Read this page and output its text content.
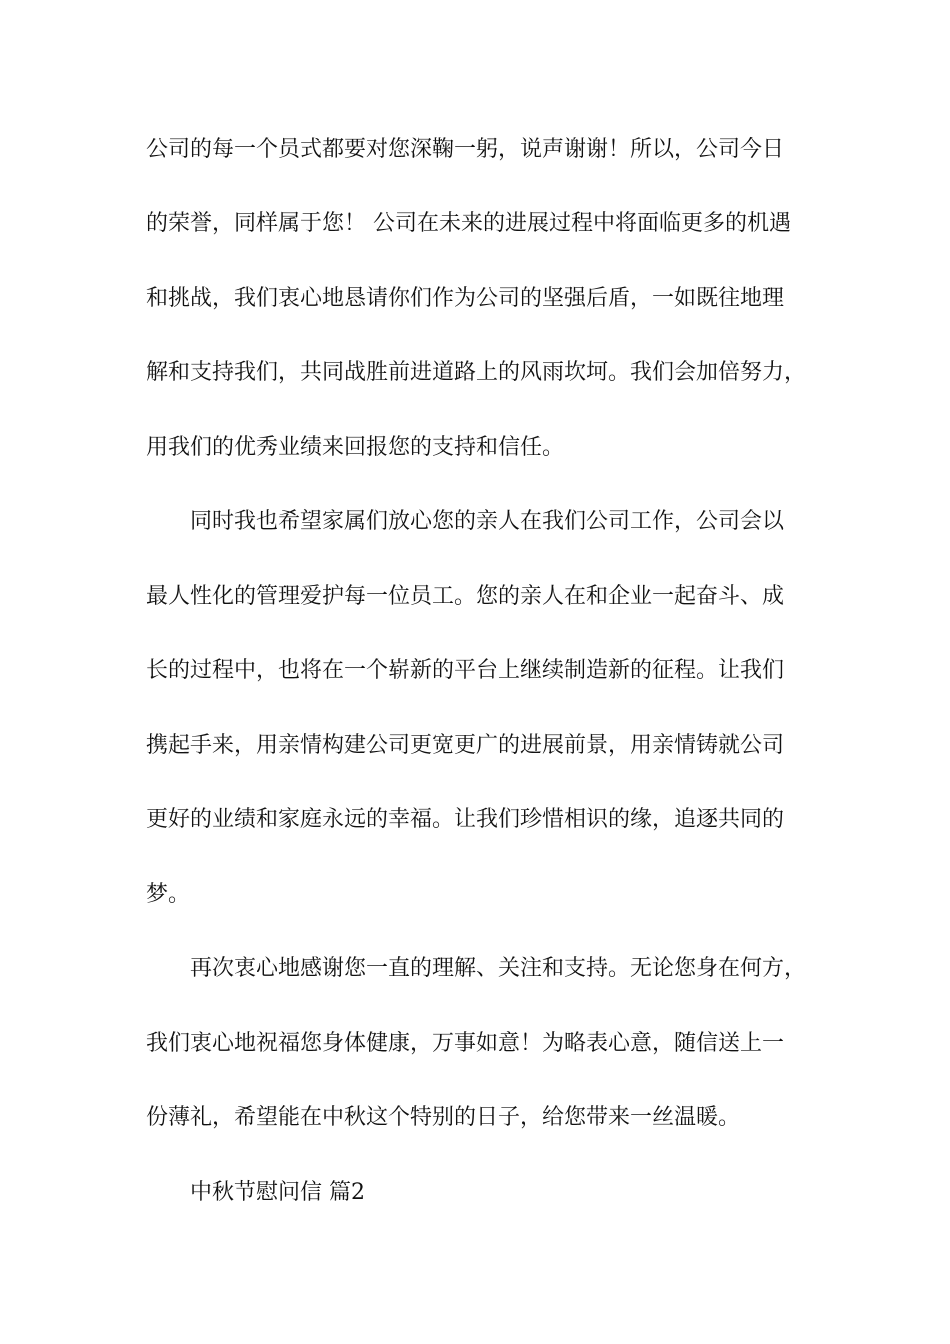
公司的每一个员式都要对您深鞠一躬，说声谢谢！所以，公司今日
的荣誉，同样属于您！ 公司在未来的进展过程中将面临更多的机遇
和挑战，我们衷心地恳请你们作为公司的坚强后盾，一如既往地理
解和支持我们，共同战胜前进道路上的风雨坎坷。我们会加倍努力，
用我们的优秀业绩来回报您的支持和信任。
同时我也希望家属们放心您的亲人在我们公司工作，公司会以
最人性化的管理爱护每一位员工。您的亲人在和企业一起奋斗、成
长的过程中，也将在一个崭新的平台上继续制造新的征程。让我们
携起手来，用亲情构建公司更宽更广的进展前景，用亲情铸就公司
更好的业绩和家庭永远的幸福。让我们珍惜相识的缘，追逐共同的
梦。
再次衷心地感谢您一直的理解、关注和支持。无论您身在何方，
我们衷心地祝福您身体健康，万事如意！为略表心意，随信送上一
份薄礼，希望能在中秋这个特别的日子，给您带来一丝温暖。
中秋节慰问信 篇2
